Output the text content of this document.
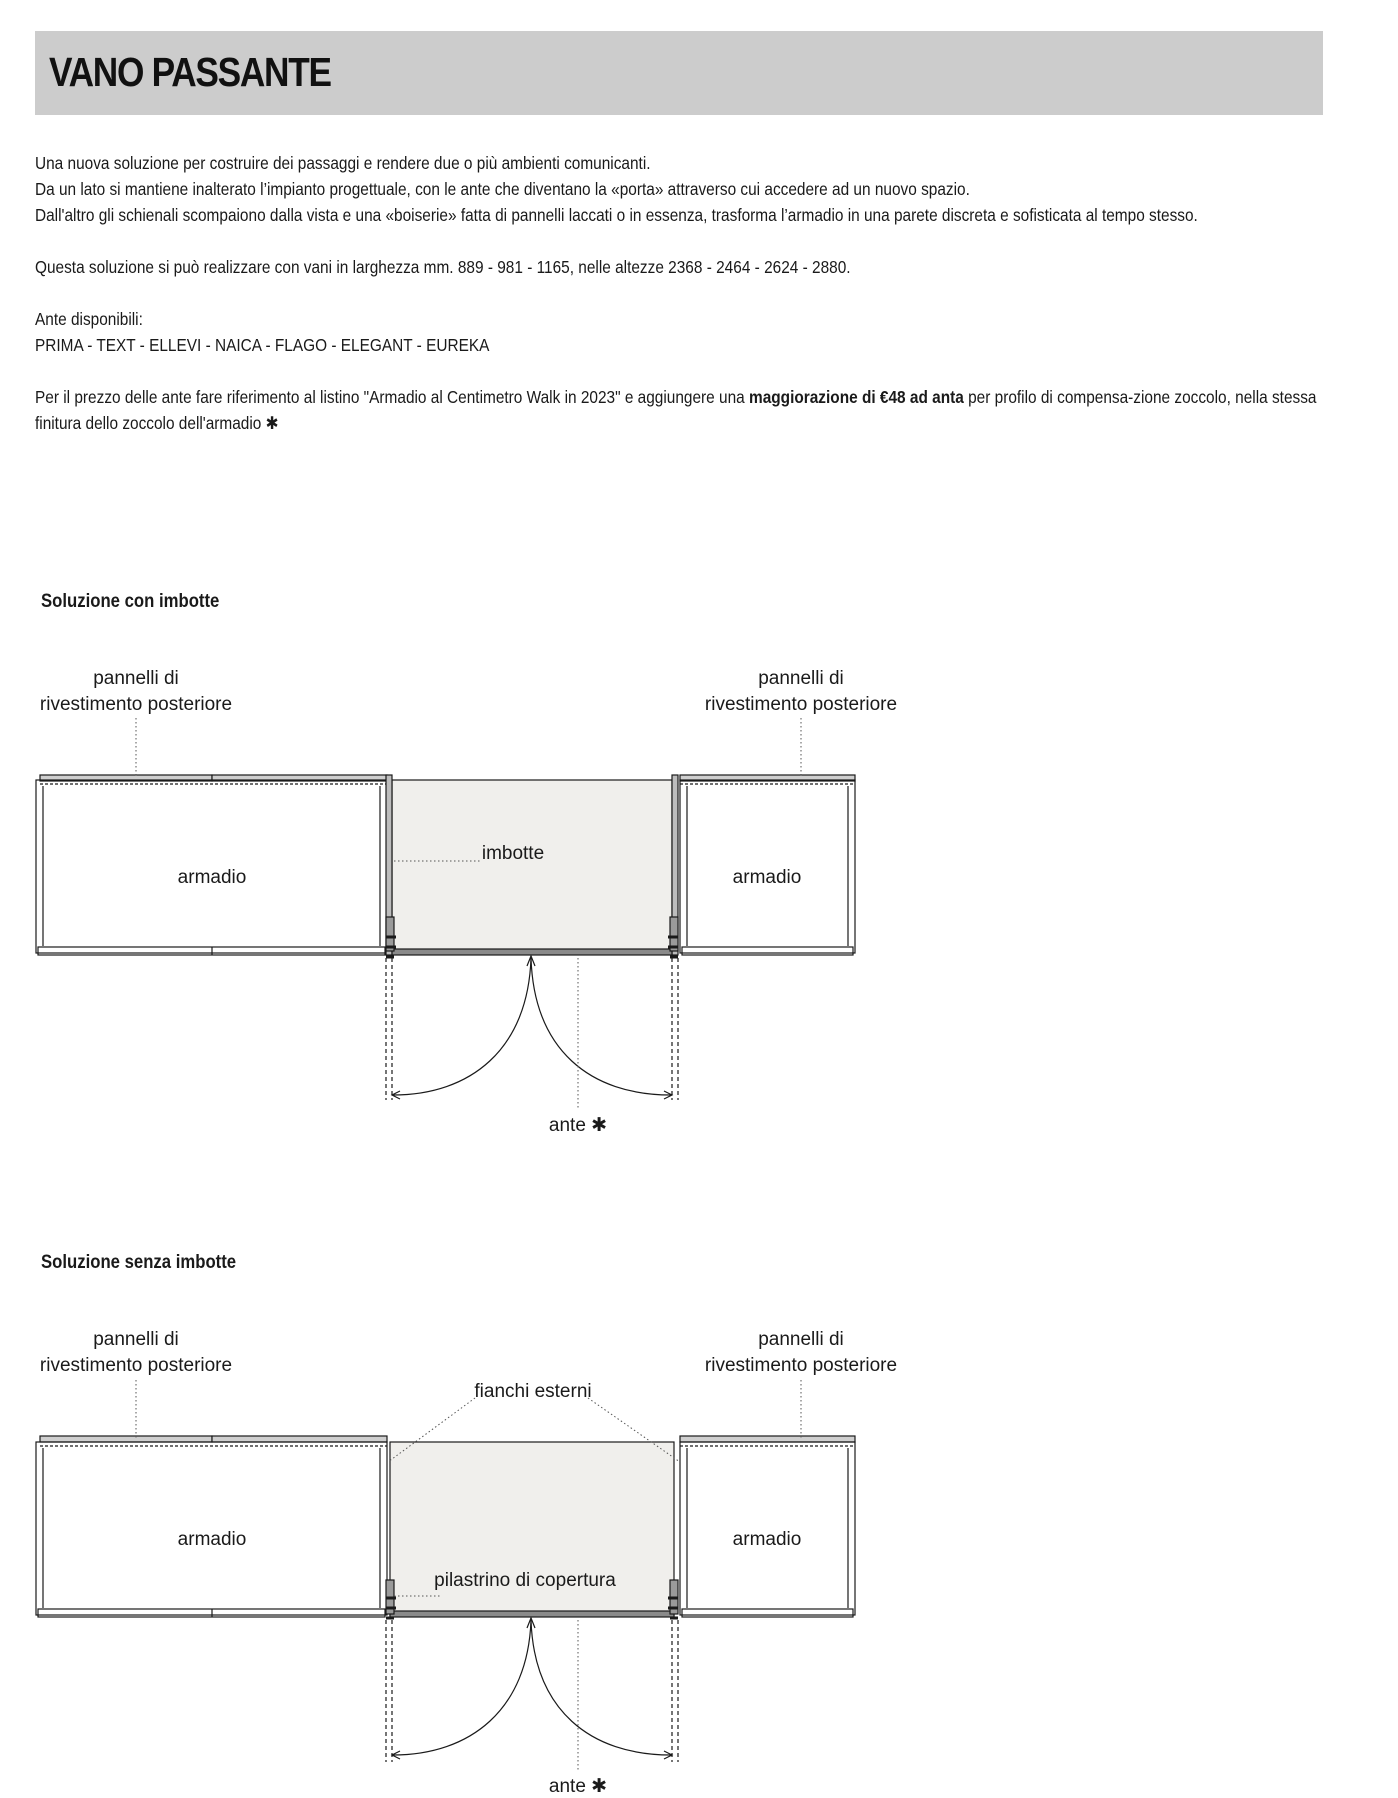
VANO PASSANTE

Una nuova soluzione per costruire dei passaggi e rendere due o più ambienti comunicanti.

Da un lato si mantiene inalterato l’impianto progettuale, con le ante che diventano la «porta» attraverso cui accedere ad un nuovo spazio.

Dall'altro gli schienali scompaiono dalla vista e una «boiserie» fatta di pannelli laccati o in essenza, trasforma l’armadio in una parete discreta e sofisticata al tempo stesso.

Questa soluzione si può realizzare con vani in larghezza mm. 889 - 981 - 1165, nelle altezze 2368 - 2464 - 2624 - 2880.

Ante disponibili:

PRIMA - TEXT - ELLEVI - NAICA - FLAGO - ELEGANT - EUREKA

Per il prezzo delle ante fare riferimento al listino "Armadio al Centimetro Walk in 2023" e aggiungere una maggiorazione di €48 ad anta per profilo di compensa-zione zoccolo, nella stessa finitura dello zoccolo dell'armadio ✱

Soluzione con imbotte
pannelli di
rivestimento posteriore
pannelli di
rivestimento posteriore
armadio	armadio
imbotte
ante ✱
Soluzione senza imbotte
pannelli di
rivestimento posteriore
pannelli di
rivestimento posteriore
fianchi esterni
armadio	armadio
pilastrino di copertura
ante ✱
